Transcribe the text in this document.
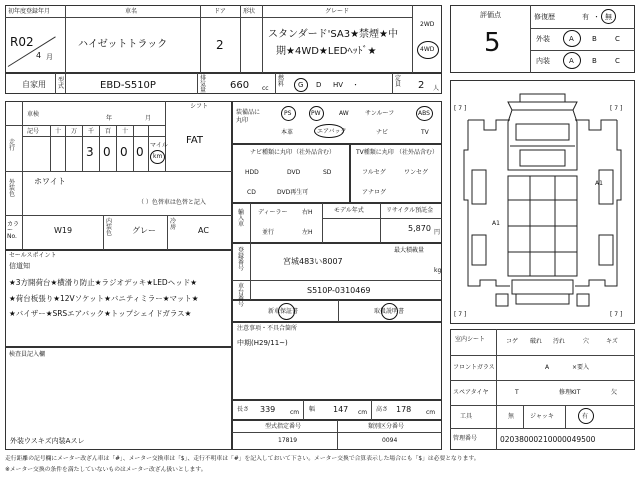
初年度登録年月
R02
4 月
車名
ハイゼットトラック
ドア
2
形状	グレード
スタンダード'SA3★禁煙★中
期★4WD★LEDﾍｯﾄﾞ★
2WD
4WD
自家用 型式	EBD-S510P
排気量 660 cc
燃料 G D HV ・
定員 2 人
評価点
5
修復歴	有 ・ 無
外装	A	B	C
内装	A	B	C
車検
年	月
シフト
FAT
走行
記号	十 万 千 百 十
3 0 0 0 マイル
km
外装色
ホワイト
（ ）色替車は色替と記入
カラーNo.
W19
内装色 グレー
冷房	AC
装備品に丸印
PS	PW	AW	サンルーフ	ABS
本革	エアバック	ナビ	TV
ナビ種類に丸印 （社外品含む）
HDD	DVD	SD
CD	DVD再生可
TV種類に丸印 （社外品含む）
フルセグ	ワンセグ
アナログ
輸入車
ディーラー
並行
右H
左H
モデル年式	リサイクル預託金
5,870 円
登録番号
宮城483い8007
最大積載量
kg
車台番号
S510P-0310469
新車保証書	取扱説明書
セールスポイント
信道知
★3方開荷台★横滑り防止★ラジオデッキ★LEDヘッド★
★荷台板張り★12Vソケット★バニティミラー★マット★
★バイザー★SRSエアバック★トップシェイドガラス★
検査員記入欄
外装ウスキズ内装Aスレ
注意事項・不具合箇所
中期(H29/11~)
長さ 339 cm 幅 147 cm 高さ 178 cm
型式指定番号
17819
類別区分番号
0094
[ 7 ]	[ 7 ]
[ 7 ]	[ 7 ]
A1
A1
室内シート	コゲ 破れ 汚れ	穴	キズ
フロントガラス	A	×要入
スペアタイヤ	T	修理KIT	欠
工具	無	ジャッキ	有
管理番号	02038000210000049500
走行距離の記号欄にメーター改ざん車は「#」、メーター交換車は「$」、走行不明車は「#」を記入しておいて下さい。メーター交換で合算表示した場合にも「$」は必要となります。
※メーター交換の条件を満たしていないものはメーター改ざん扱いとします。
